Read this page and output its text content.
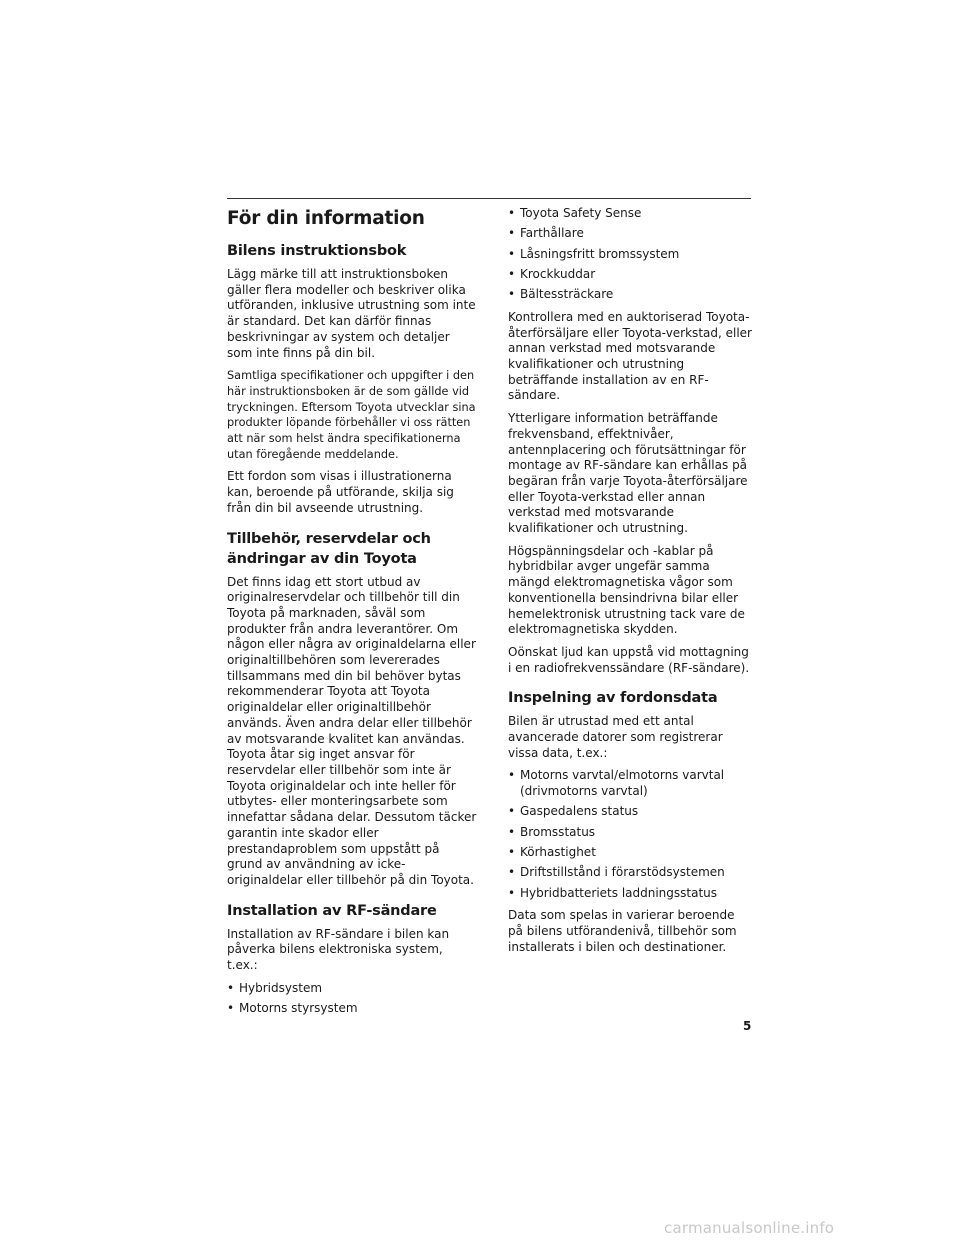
För din information
Bilens instruktionsbok

Lägg märke till att instruktionsboken gäller flera modeller och beskriver olika utföranden, inklusive utrustning som inte är standard. Det kan därför finnas beskrivningar av system och detaljer som inte finns på din bil.

Samtliga specifikationer och uppgifter i den här instruktionsboken är de som gällde vid tryckningen. Eftersom Toyota utvecklar sina produkter löpande förbehåller vi oss rätten att när som helst ändra specifikationerna utan föregående meddelande.

Ett fordon som visas i illustrationerna kan, beroende på utförande, skilja sig från din bil avseende utrustning.

Tillbehör, reservdelar och ändringar av din Toyota

Det finns idag ett stort utbud av originalreservdelar och tillbehör till din Toyota på marknaden, såväl som produkter från andra leverantörer. Om någon eller några av originaldelarna eller originaltillbehören som levererades tillsammans med din bil behöver bytas rekommenderar Toyota att Toyota originaldelar eller originaltillbehör används. Även andra delar eller tillbehör av motsvarande kvalitet kan användas. Toyota åtar sig inget ansvar för reservdelar eller tillbehör som inte är Toyota originaldelar och inte heller för utbytes- eller monteringsarbete som innefattar sådana delar. Dessutom täcker garantin inte skador eller prestandaproblem som uppstått på grund av användning av icke-originaldelar eller tillbehör på din Toyota.

Installation av RF-sändare

Installation av RF-sändare i bilen kan påverka bilens elektroniska system, t.ex.:

• Hybridsystem
• Motorns styrsystem
• Toyota Safety Sense
• Farthållare
• Låsningsfritt bromssystem
• Krockkuddar
• Bältessträckare

Kontrollera med en auktoriserad Toyota-återförsäljare eller Toyota-verkstad, eller annan verkstad med motsvarande kvalifikationer och utrustning beträffande installation av en RF-sändare.

Ytterligare information beträffande frekvensband, effektnivåer, antennplacering och förutsättningar för montage av RF-sändare kan erhållas på begäran från varje Toyota-återförsäljare eller Toyota-verkstad eller annan verkstad med motsvarande kvalifikationer och utrustning.

Högspänningsdelar och -kablar på hybridbilar avger ungefär samma mängd elektromagnetiska vågor som konventionella bensindrivna bilar eller hemelektronisk utrustning tack vare de elektromagnetiska skydden.

Oönskat ljud kan uppstå vid mottagning i en radiofrekvenssändare (RF-sändare).

Inspelning av fordonsdata

Bilen är utrustad med ett antal avancerade datorer som registrerar vissa data, t.ex.:

• Motorns varvtal/elmotorns varvtal (drivmotorns varvtal)
• Gaspedalens status
• Bromsstatus
• Körhastighet
• Driftstillstånd i förarstödsystemen
• Hybridbatteriets laddningsstatus

Data som spelas in varierar beroende på bilens utförandenivå, tillbehör som installerats i bilen och destinationer.

5
carmanualsonline.info
